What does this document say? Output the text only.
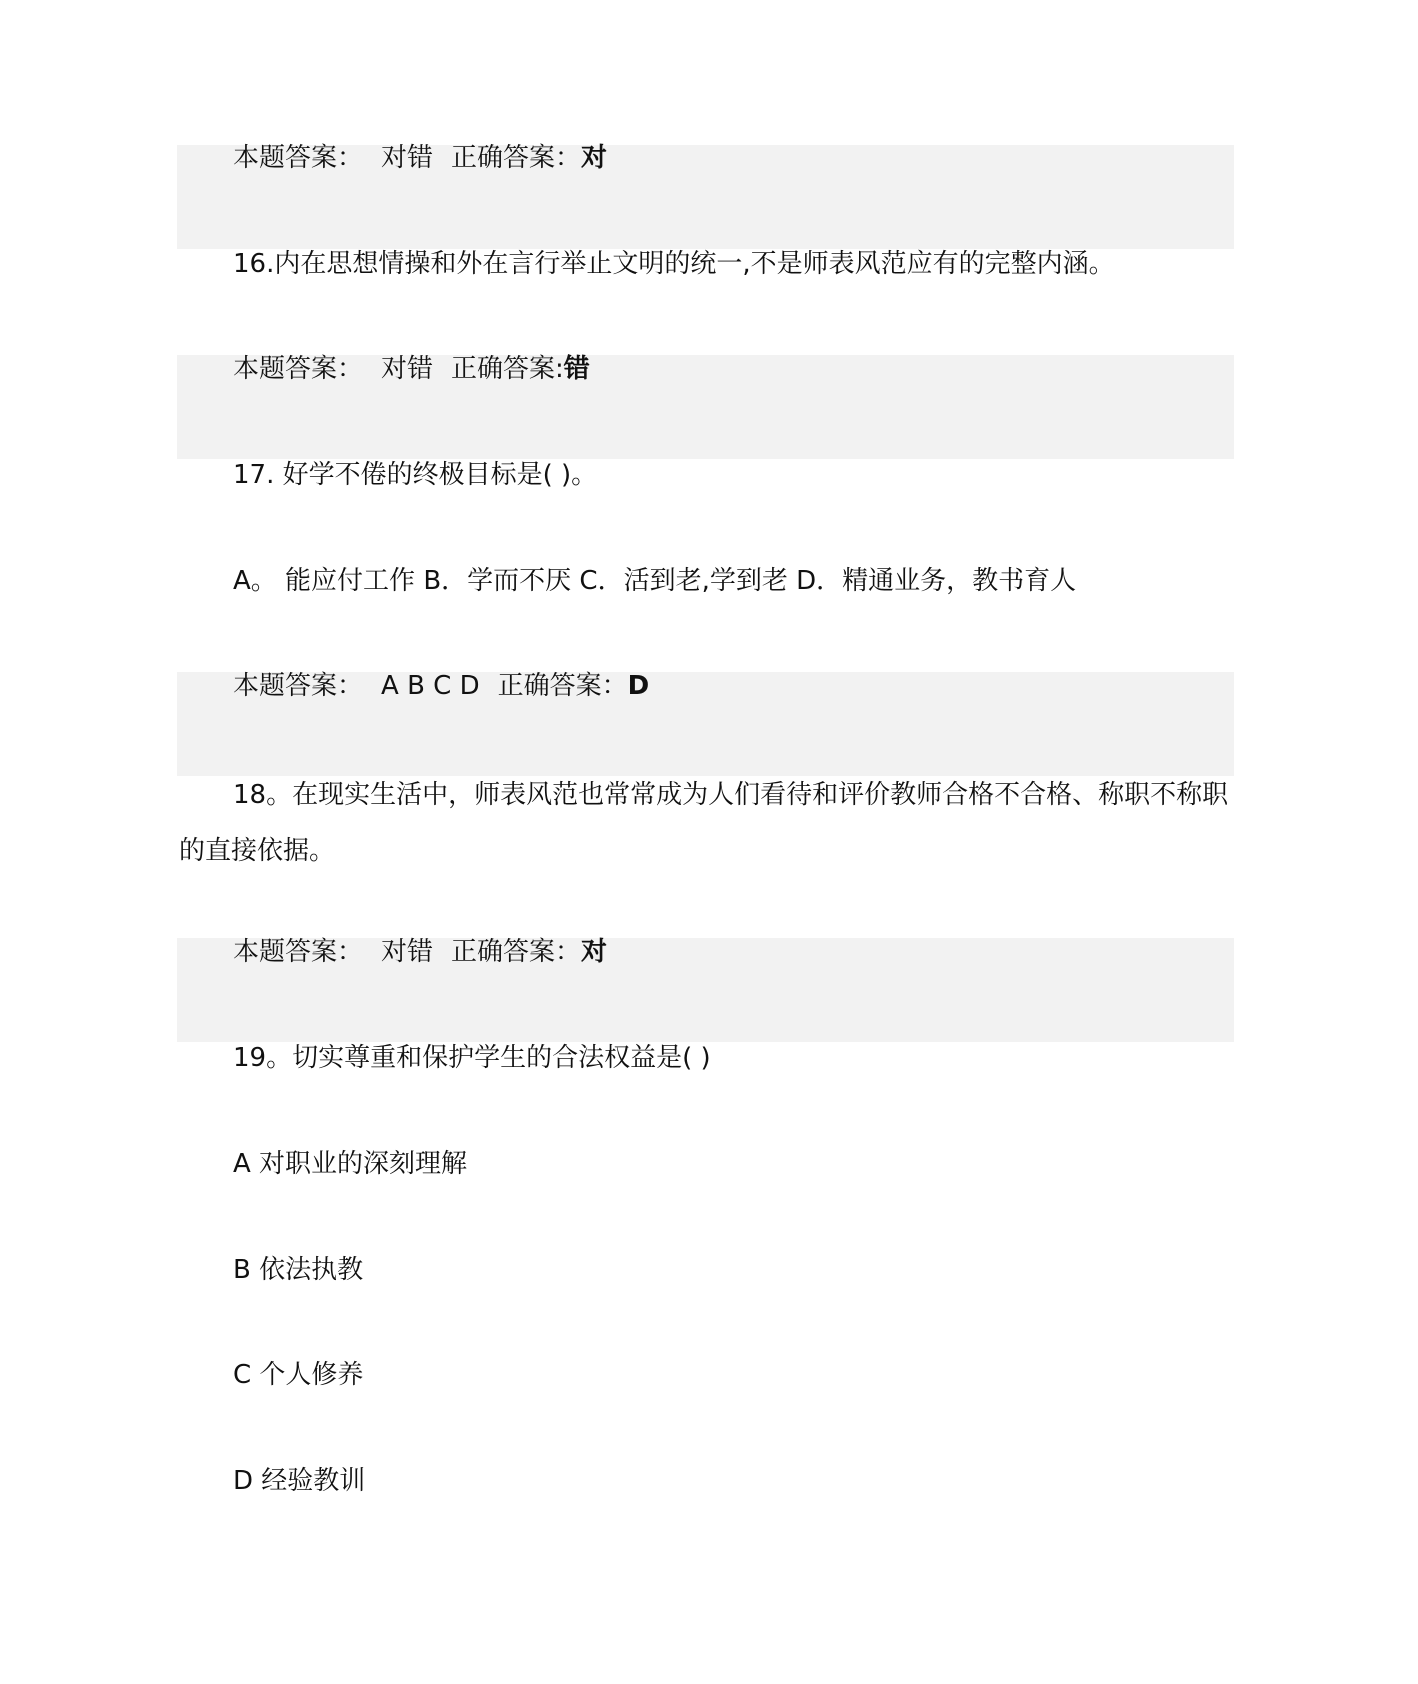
本题答案： 对错 正确答案：对
16.内在思想情操和外在言行举止文明的统一,不是师表风范应有的完整内涵。
本题答案： 对错 正确答案:错
17. 好学不倦的终极目标是( )。
A。 能应付工作 B．学而不厌 C．活到老,学到老 D．精通业务，教书育人
本题答案： A B C D 正确答案：D
18。在现实生活中，师表风范也常常成为人们看待和评价教师合格不合格、称职不称职的直接依据。
本题答案： 对错 正确答案：对
19。切实尊重和保护学生的合法权益是( )
A 对职业的深刻理解
B 依法执教
C 个人修养
D 经验教训
